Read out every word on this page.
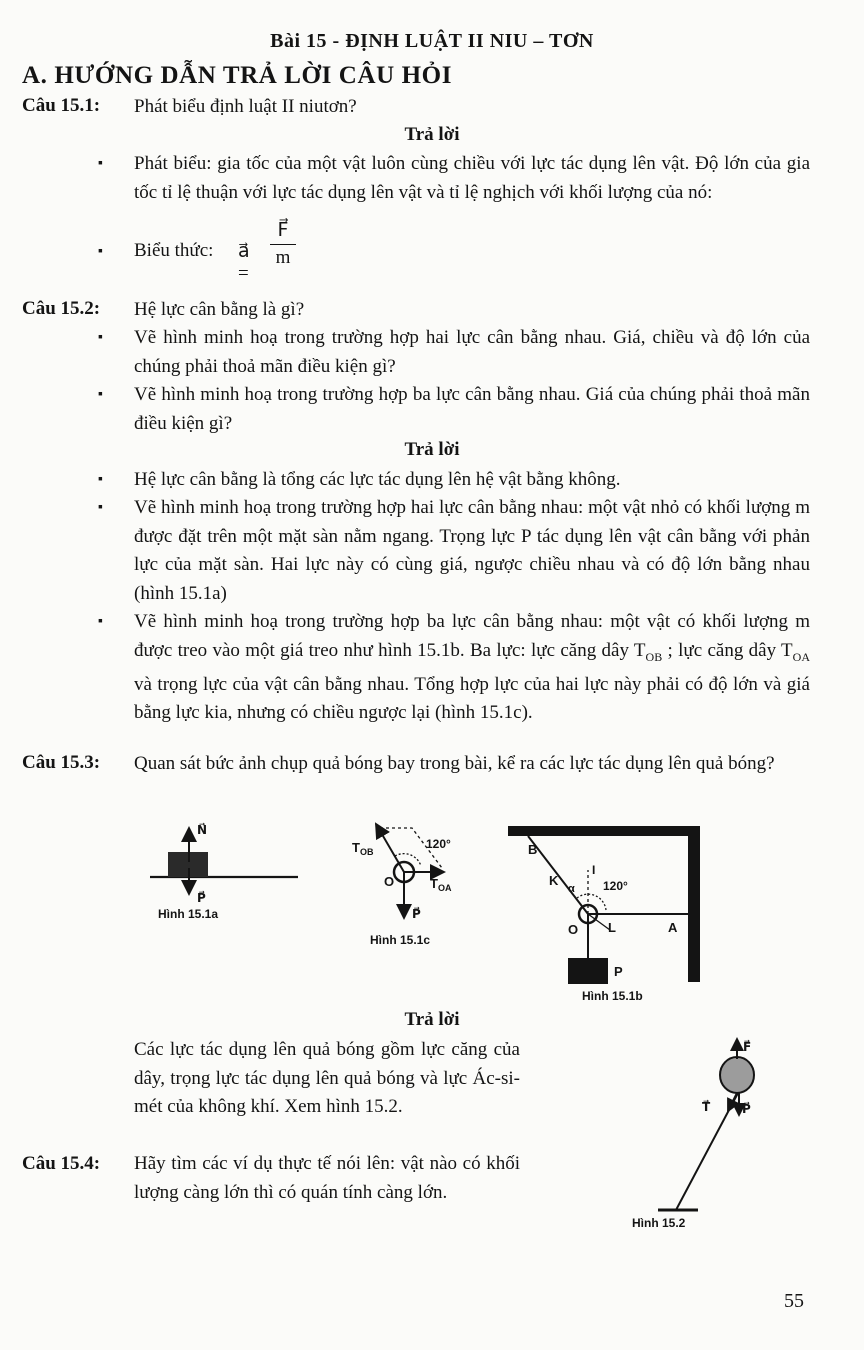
Bài 15 - ĐỊNH LUẬT II NIU – TƠN
A. HƯỚNG DẪN TRẢ LỜI CÂU HỎI
Câu 15.1: Phát biểu định luật II niutơn?
Trả lời
▪ Phát biểu: gia tốc của một vật luôn cùng chiều với lực tác dụng lên vật. Độ lớn của gia tốc tỉ lệ thuận với lực tác dụng lên vật và tỉ lệ nghịch với khối lượng của nó:
▪ Biểu thức: a⃗ =
F⃗
m
Câu 15.2: Hệ lực cân bằng là gì?
▪ Vẽ hình minh hoạ trong trường hợp hai lực cân bằng nhau. Giá, chiều và độ lớn của chúng phải thoả mãn điều kiện gì?
▪ Vẽ hình minh hoạ trong trường hợp ba lực cân bằng nhau. Giá của chúng phải thoả mãn điều kiện gì?
Trả lời
▪ Hệ lực cân bằng là tổng các lực tác dụng lên hệ vật bằng không.
▪ Vẽ hình minh hoạ trong trường hợp hai lực cân bằng nhau: một vật nhỏ có khối lượng m được đặt trên một mặt sàn nằm ngang. Trọng lực P tác dụng lên vật cân bằng với phản lực của mặt sàn. Hai lực này có cùng giá, ngược chiều nhau và có độ lớn bằng nhau (hình 15.1a)
▪ Vẽ hình minh hoạ trong trường hợp ba lực cân bằng nhau: một vật có khối lượng m được treo vào một giá treo như hình 15.1b. Ba lực: lực căng dây $T_{OB}$ ; lực căng dây $T_{OA}$ và trọng lực của vật cân bằng nhau. Tổng hợp lực của hai lực này phải có độ lớn và giá bằng lực kia, nhưng có chiều ngược lại (hình 15.1c).
Câu 15.3: Quan sát bức ảnh chụp quả bóng bay trong bài, kể ra các lực tác dụng lên quả bóng?
N⃗
P⃗
Hình 15.1a
$T_{OB}$
120°
O	$T_{OA}$
P⃗
Hình 15.1c
B
K
α
I
120°
O L	A
P
Hình 15.1b
Trả lời
Các lực tác dụng lên quả bóng gồm lực căng của dây, trọng lực tác dụng lên quả bóng và lực Ác-si-mét của không khí. Xem hình 15.2.
Câu 15.4: Hãy tìm các ví dụ thực tế nói lên: vật nào có khối lượng càng lớn thì có quán tính càng lớn.
F⃗
T⃗	P⃗
Hình 15.2
55
